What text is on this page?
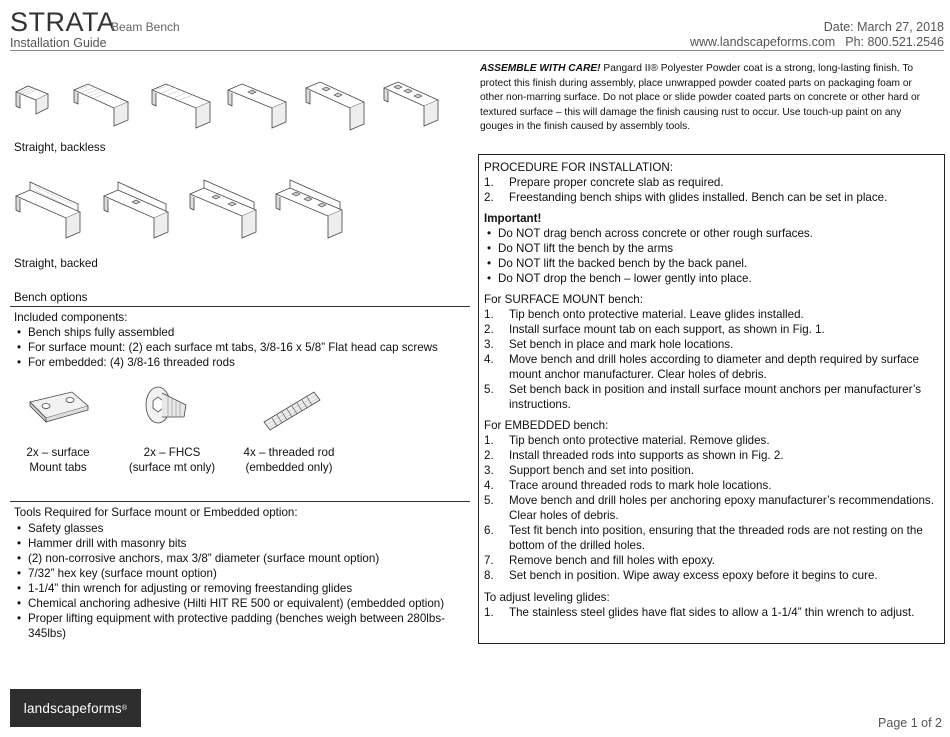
STRATA
Beam Bench
Installation Guide
Date: March 27, 2018
www.landscapeforms.com Ph: 800.521.2546
Straight, backless
Straight, backed
Bench options
Included components:
• Bench ships fully assembled
• For surface mount: (2) each surface mt tabs, 3/8-16 x 5/8” Flat head cap screws
• For embedded: (4) 3/8-16 threaded rods
2x – surface
Mount tabs
2x – FHCS
(surface mt only)
4x – threaded rod
(embedded only)
Tools Required for Surface mount or Embedded option:
• Safety glasses
• Hammer drill with masonry bits
• (2) non-corrosive anchors, max 3/8” diameter (surface mount option)
• 7/32” hex key (surface mount option)
• 1-1/4” thin wrench for adjusting or removing freestanding glides
• Chemical anchoring adhesive (Hilti HIT RE 500 or equivalent) (embedded option)
• Proper lifting equipment with protective padding (benches weigh between 280lbs-345lbs)
ASSEMBLE WITH CARE! Pangard II® Polyester Powder coat is a strong, long-lasting finish. To protect this finish during assembly, place unwrapped powder coated parts on packaging foam or other non-marring surface. Do not place or slide powder coated parts on concrete or other hard or textured surface – this will damage the finish causing rust to occur. Use touch-up paint on any gouges in the finish caused by assembly tools.
PROCEDURE FOR INSTALLATION:
1. Prepare proper concrete slab as required.
2. Freestanding bench ships with glides installed. Bench can be set in place.
Important!
• Do NOT drag bench across concrete or other rough surfaces.
• Do NOT lift the bench by the arms
• Do NOT lift the backed bench by the back panel.
• Do NOT drop the bench – lower gently into place.
For SURFACE MOUNT bench:
1. Tip bench onto protective material. Leave glides installed.
2. Install surface mount tab on each support, as shown in Fig. 1.
3. Set bench in place and mark hole locations.
4. Move bench and drill holes according to diameter and depth required by surface mount anchor manufacturer. Clear holes of debris.
5. Set bench back in position and install surface mount anchors per manufacturer’s instructions.
For EMBEDDED bench:
1. Tip bench onto protective material. Remove glides.
2. Install threaded rods into supports as shown in Fig. 2.
3. Support bench and set into position.
4. Trace around threaded rods to mark hole locations.
5. Move bench and drill holes per anchoring epoxy manufacturer’s recommendations. Clear holes of debris.
6. Test fit bench into position, ensuring that the threaded rods are not resting on the bottom of the drilled holes.
7. Remove bench and fill holes with epoxy.
8. Set bench in position. Wipe away excess epoxy before it begins to cure.
To adjust leveling glides:
1. The stainless steel glides have flat sides to allow a 1-1/4” thin wrench to adjust.
landscape forms ®
Page 1 of 2
